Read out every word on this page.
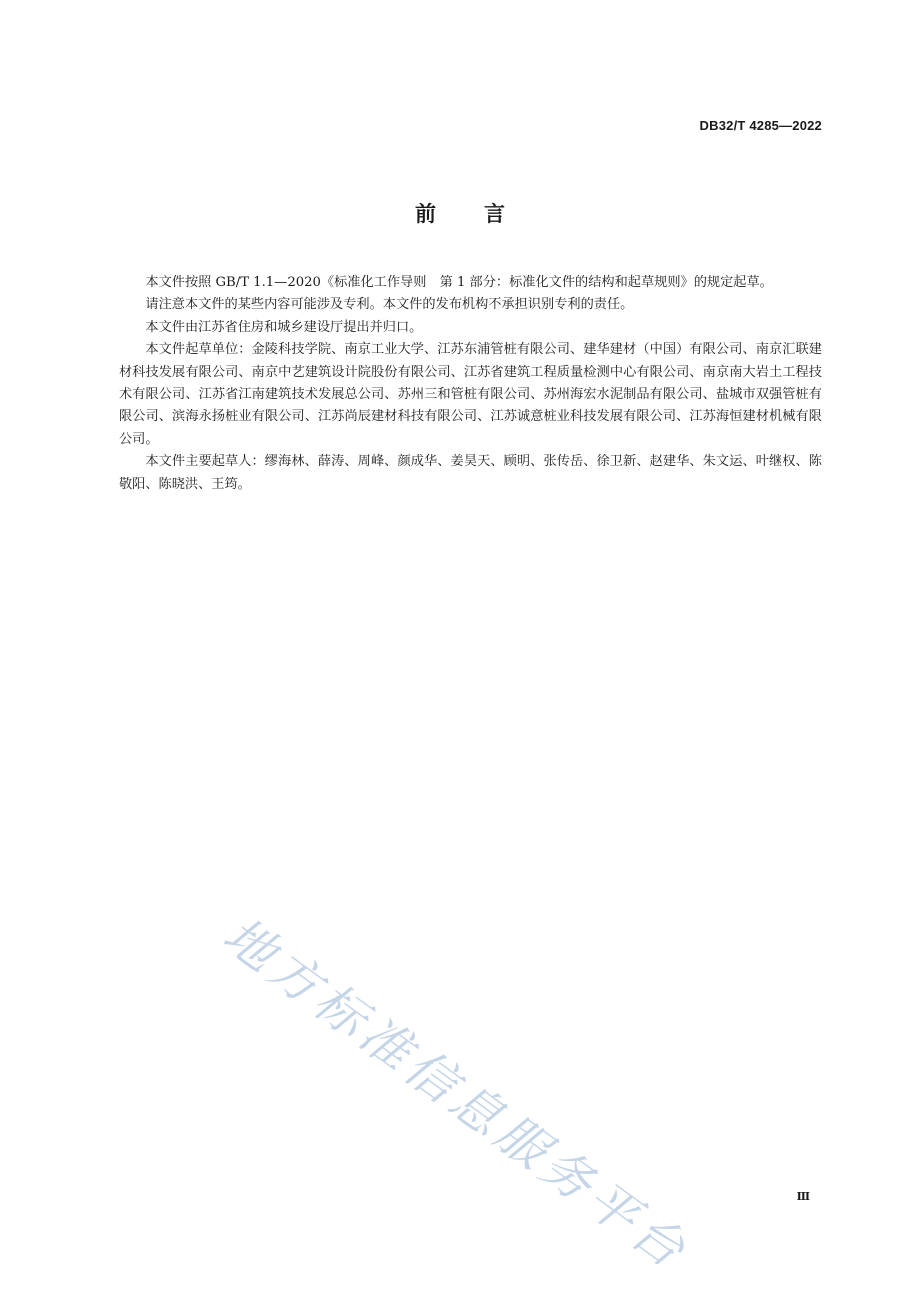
DB32/T 4285—2022
前言

本文件按照 GB/T 1.1—2020《标准化工作导则　第 1 部分：标准化文件的结构和起草规则》的规定起草。

请注意本文件的某些内容可能涉及专利。本文件的发布机构不承担识别专利的责任。

本文件由江苏省住房和城乡建设厅提出并归口。

本文件起草单位：金陵科技学院、南京工业大学、江苏东浦管桩有限公司、建华建材（中国）有限公司、南京汇联建材科技发展有限公司、南京中艺建筑设计院股份有限公司、江苏省建筑工程质量检测中心有限公司、南京南大岩土工程技术有限公司、江苏省江南建筑技术发展总公司、苏州三和管桩有限公司、苏州海宏水泥制品有限公司、盐城市双强管桩有限公司、滨海永扬桩业有限公司、江苏尚辰建材科技有限公司、江苏诚意桩业科技发展有限公司、江苏海恒建材机械有限公司。

本文件主要起草人：缪海林、薛涛、周峰、颜成华、姜昊天、顾明、张传岳、徐卫新、赵建华、朱文运、叶继权、陈敬阳、陈晓洪、王筠。

地方标准信息服务平台	Ⅲ
